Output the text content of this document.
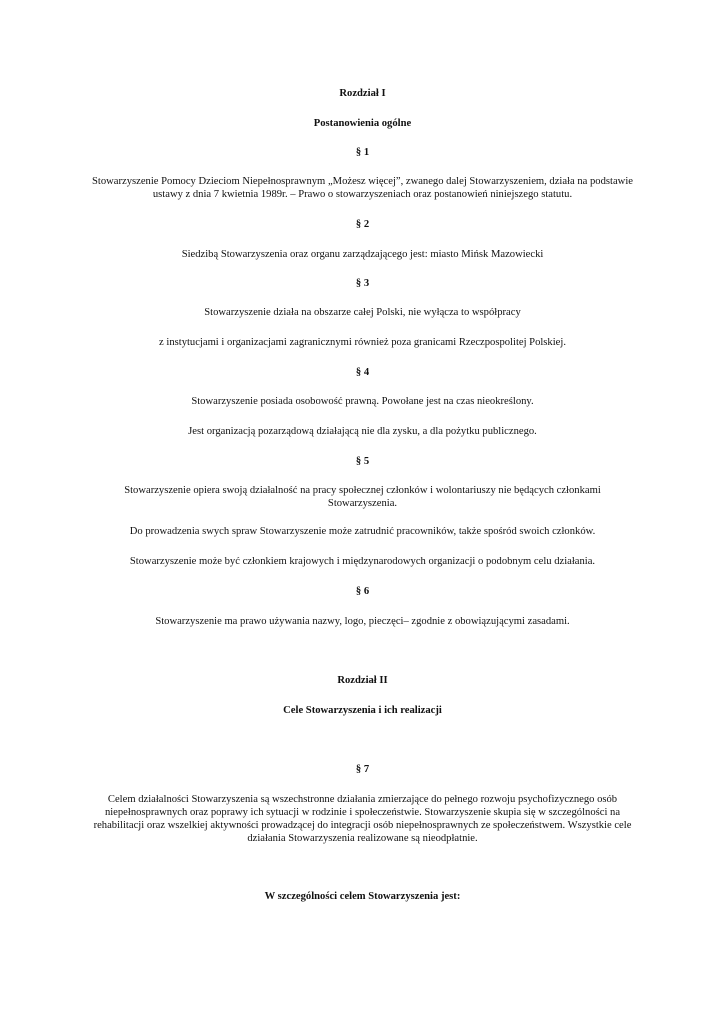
Rozdział I

Postanowienia ogólne

§ 1

Stowarzyszenie Pomocy Dzieciom Niepełnosprawnym „Możesz więcej”, zwanego dalej Stowarzyszeniem, działa na podstawie ustawy z dnia 7 kwietnia 1989r. – Prawo o stowarzyszeniach oraz postanowień niniejszego statutu.

§ 2

Siedzibą Stowarzyszenia oraz organu zarządzającego jest: miasto Mińsk Mazowiecki

§ 3

Stowarzyszenie działa na obszarze całej Polski, nie wyłącza to współpracy

z instytucjami i organizacjami zagranicznymi również poza granicami Rzeczpospolitej Polskiej.

§ 4

Stowarzyszenie posiada osobowość prawną. Powołane jest na czas nieokreślony.

Jest organizacją pozarządową działającą nie dla zysku, a dla pożytku publicznego.

§ 5

Stowarzyszenie opiera swoją działalność na pracy społecznej członków i wolontariuszy nie będących członkami Stowarzyszenia.

Do prowadzenia swych spraw Stowarzyszenie może zatrudnić pracowników, także spośród swoich członków.

Stowarzyszenie może być członkiem krajowych i międzynarodowych organizacji o podobnym celu działania.

§ 6

Stowarzyszenie ma prawo używania nazwy, logo, pieczęci– zgodnie z obowiązującymi zasadami.

Rozdział II

Cele Stowarzyszenia i ich realizacji

§ 7

Celem działalności Stowarzyszenia są wszechstronne działania zmierzające do pełnego rozwoju psychofizycznego osób niepełnosprawnych oraz poprawy ich sytuacji w rodzinie i społeczeństwie. Stowarzyszenie skupia się w szczególności na rehabilitacji oraz wszelkiej aktywności prowadzącej do integracji osób niepełnosprawnych ze społeczeństwem. Wszystkie cele działania Stowarzyszenia realizowane są nieodpłatnie.

W szczególności celem Stowarzyszenia jest:
